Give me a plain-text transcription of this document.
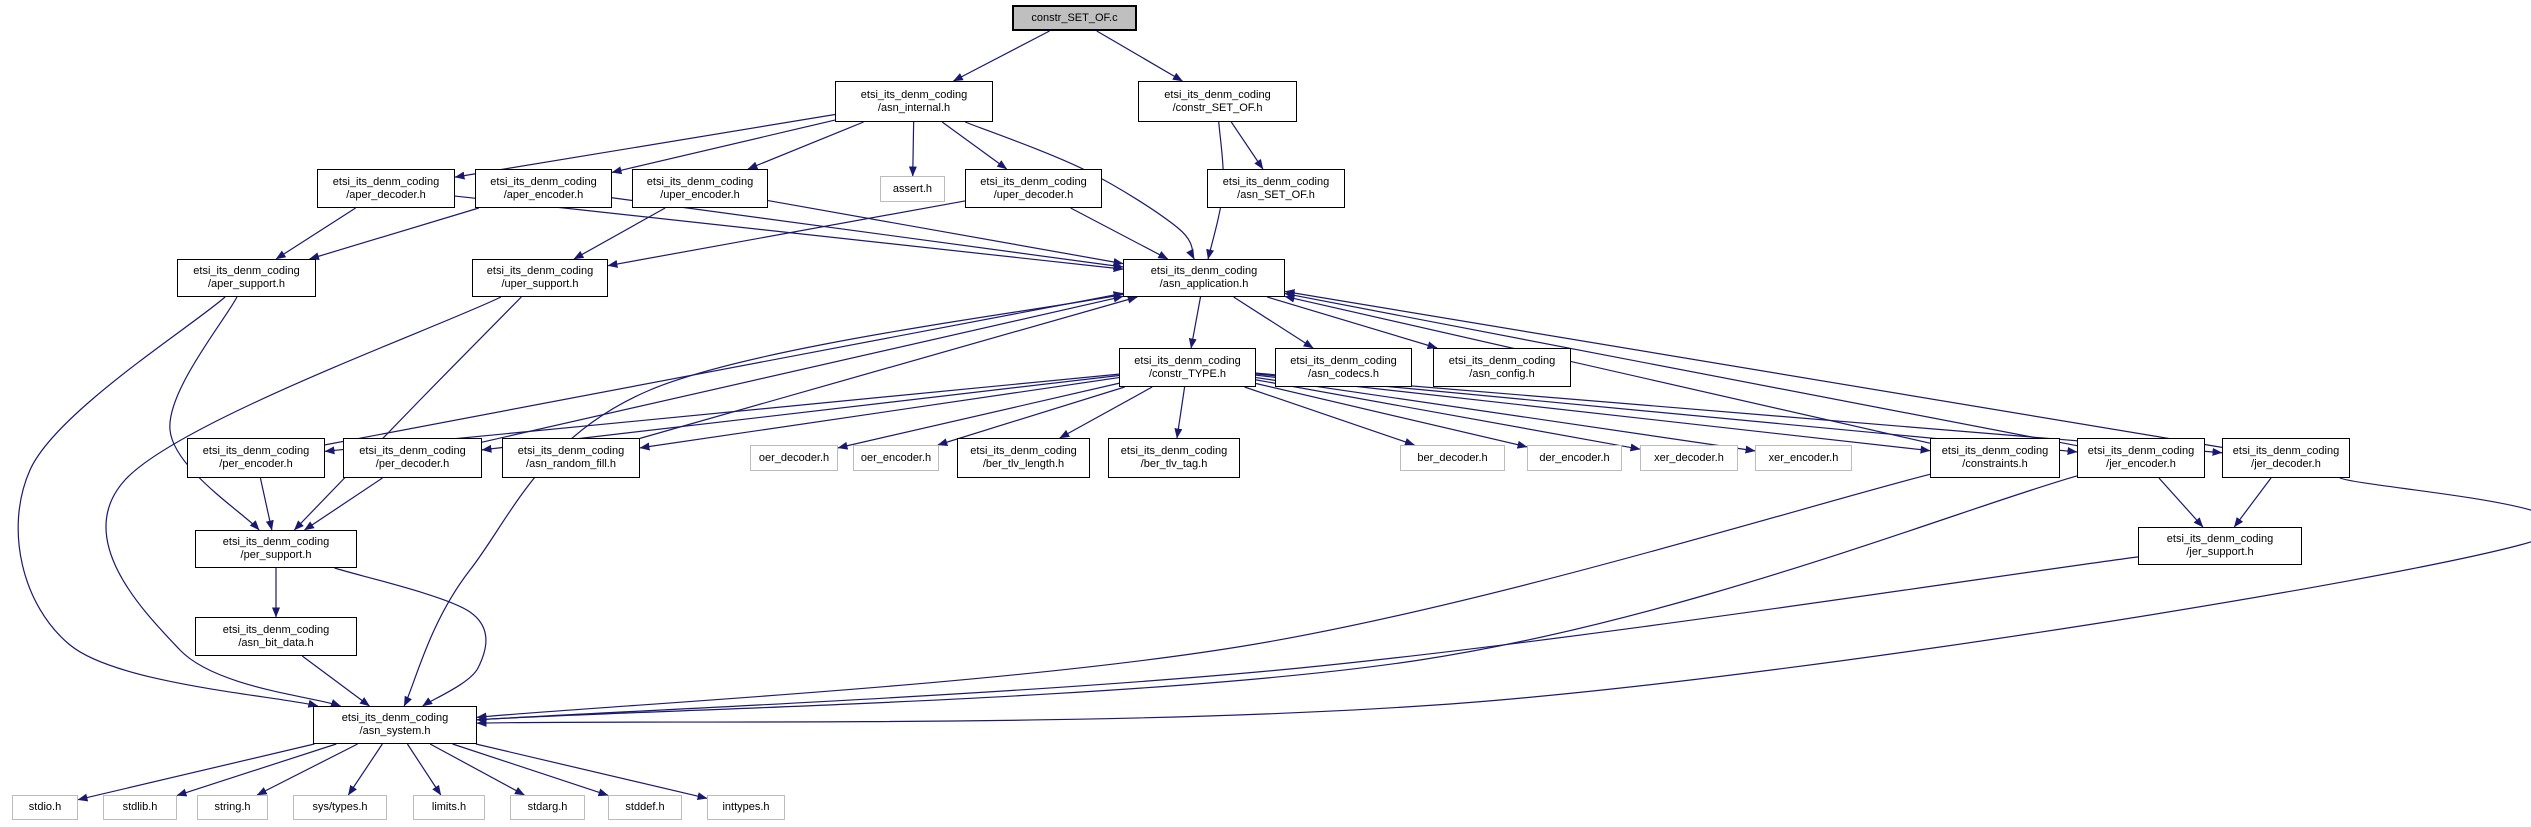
constr_SET_OF.c
etsi_its_denm_coding
/asn_internal.h
etsi_its_denm_coding
/constr_SET_OF.h
etsi_its_denm_coding
/aper_decoder.h
etsi_its_denm_coding
/aper_encoder.h
etsi_its_denm_coding
/uper_encoder.h	assert.h
etsi_its_denm_coding
/uper_decoder.h
etsi_its_denm_coding
/asn_SET_OF.h
etsi_its_denm_coding
/aper_support.h
etsi_its_denm_coding
/uper_support.h
etsi_its_denm_coding
/asn_application.h
etsi_its_denm_coding
/constr_TYPE.h
etsi_its_denm_coding
/asn_codecs.h
etsi_its_denm_coding
/asn_config.h
etsi_its_denm_coding
/per_encoder.h
etsi_its_denm_coding
/per_decoder.h
etsi_its_denm_coding
/asn_random_fill.h
oer_decoder.h	oer_encoder.h
etsi_its_denm_coding
/ber_tlv_length.h
etsi_its_denm_coding
/ber_tlv_tag.h
ber_decoder.h	der_encoder.h	xer_decoder.h	xer_encoder.h
etsi_its_denm_coding
/constraints.h
etsi_its_denm_coding
/jer_encoder.h
etsi_its_denm_coding
/jer_decoder.h
etsi_its_denm_coding
/per_support.h
etsi_its_denm_coding
/jer_support.h
etsi_its_denm_coding
/asn_bit_data.h
etsi_its_denm_coding
/asn_system.h
stdio.h	stdlib.h	string.h	sys/types.h	limits.h	stdarg.h	stddef.h	inttypes.h
